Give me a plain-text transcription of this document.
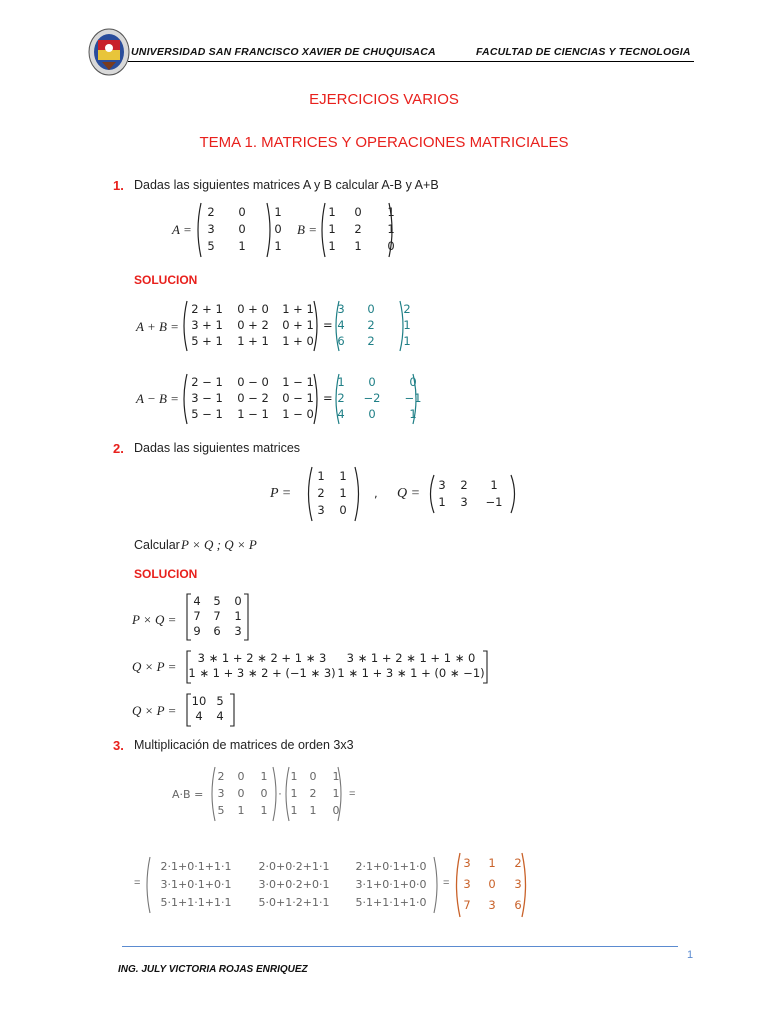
UNIVERSIDAD SAN FRANCISCO XAVIER DE CHUQUISACA	FACULTAD DE CIENCIAS Y TECNOLOGIA
EJERCICIOS VARIOS
TEMA 1. MATRICES Y OPERACIONES MATRICIALES
1. Dadas las siguientes matrices A y B calcular A-B y A+B
A =
2	0	1
3	0	0
5	1	1
B =
1	0	1
1	2	1
1	1	0
SOLUCION
A + B =
2 + 1	0 + 0	1 + 1
3 + 1	0 + 2	0 + 1
5 + 1	1 + 1	1 + 0
=
3	0	2
4	2	1
6	2	1
A − B =
2 − 1	0 − 0	1 − 1
3 − 1	0 − 2	0 − 1
5 − 1	1 − 1	1 − 0
=
1	0	0
2	−2	−1
4	0	1
2. Dadas las siguientes matrices
P =
1	1
2	1
3	0
, Q =
3	2	1
1	3	−1
Calcular P × Q ; Q × P
SOLUCION
P × Q =
4	5	0
7	7	1
9	6	3
Q × P =
3 ∗ 1 + 2 ∗ 2 + 1 ∗ 3	3 ∗ 1 + 2 ∗ 1 + 1 ∗ 0
1 ∗ 1 + 3 ∗ 2 + (−1 ∗ 3) 1 ∗ 1 + 3 ∗ 1 + (0 ∗ −1)
Q × P =
10 5
4	4
3. Multiplicación de matrices de orden 3x3
A·B =
2	0	1
3	0	0
5	1	1
·
1	0	1
1	2	1
1	1	0
=
=
2·1+0·1+1·1	2·0+0·2+1·1	2·1+0·1+1·0
3·1+0·1+0·1	3·0+0·2+0·1	3·1+0·1+0·0
5·1+1·1+1·1	5·0+1·2+1·1	5·1+1·1+1·0
=
3	1	2
3	0	3
7	3	6
1
ING. JULY VICTORIA ROJAS ENRIQUEZ
